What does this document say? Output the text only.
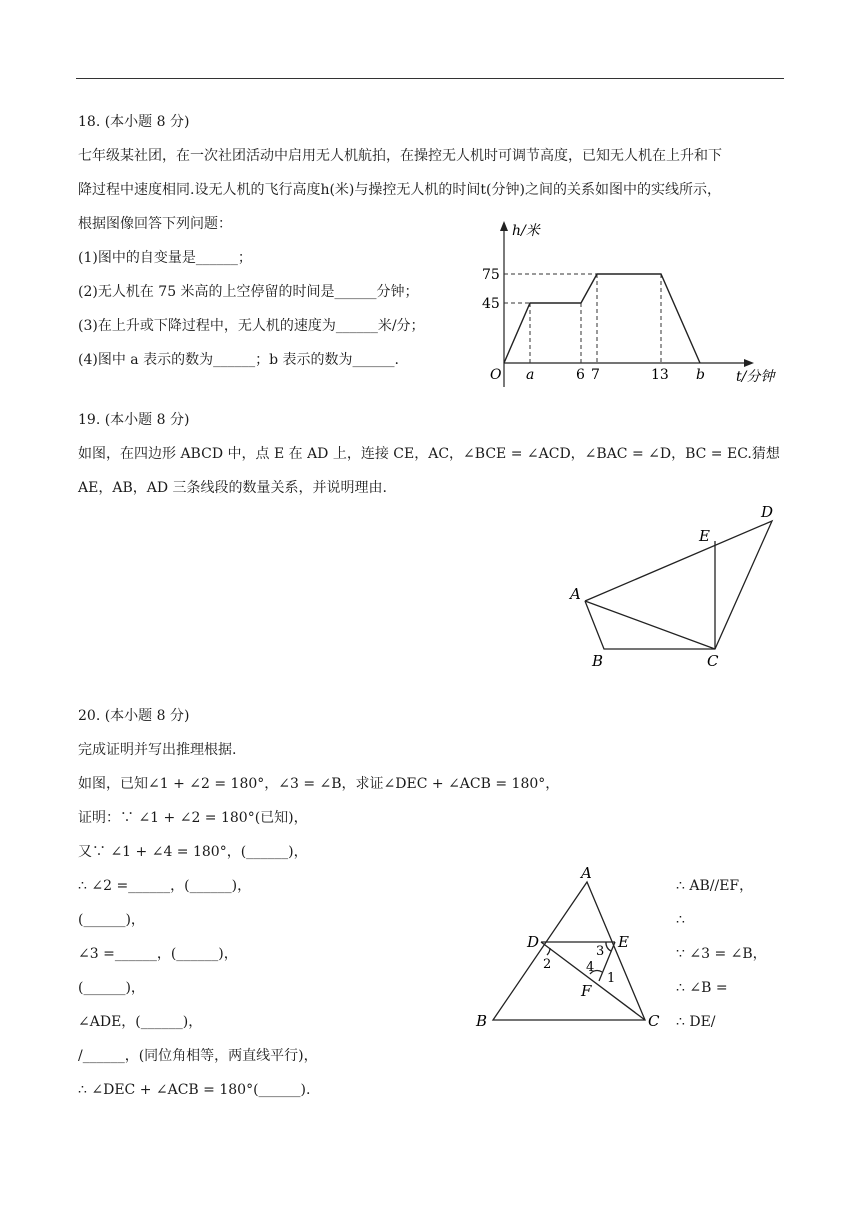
18. (本小题 8 分)
七年级某社团，在一次社团活动中启用无人机航拍，在操控无人机时可调节高度，已知无人机在上升和下
降过程中速度相同.设无人机的飞行高度h(米)与操控无人机的时间t(分钟)之间的关系如图中的实线所示，
根据图像回答下列问题：
(1)图中的自变量是______；
(2)无人机在 75 米高的上空停留的时间是______分钟；
(3)在上升或下降过程中，无人机的速度为______米/分；
(4)图中 a 表示的数为______；b 表示的数为______.
h/米
t/分钟
O
75
45
a	6 7	13 b
19. (本小题 8 分)
如图，在四边形 ABCD 中，点 E 在 AD 上，连接 CE，AC，∠BCE = ∠ACD，∠BAC = ∠D，BC = EC.猜想
AE，AB，AD 三条线段的数量关系，并说明理由.
A
B	C
D
E
20. (本小题 8 分)
完成证明并写出推理根据.
如图，已知∠1 + ∠2 = 180°，∠3 = ∠B，求证∠DEC + ∠ACB = 180°，
证明：∵ ∠1 + ∠2 = 180°(已知)，
又∵ ∠1 + ∠4 = 180°，(______)，
∴ ∠2 =______，(______)，
(______)，
∠3 =______，(______)，
(______)，
∠ADE，(______)，
/______，(同位角相等，两直线平行)，
∴ ∠DEC + ∠ACB = 180°(______).
∴ AB//EF，
∴
∵ ∠3 = ∠B，
∴ ∠B =
∴ DE/
A
B	C
D	E
F
1
2
3
4
